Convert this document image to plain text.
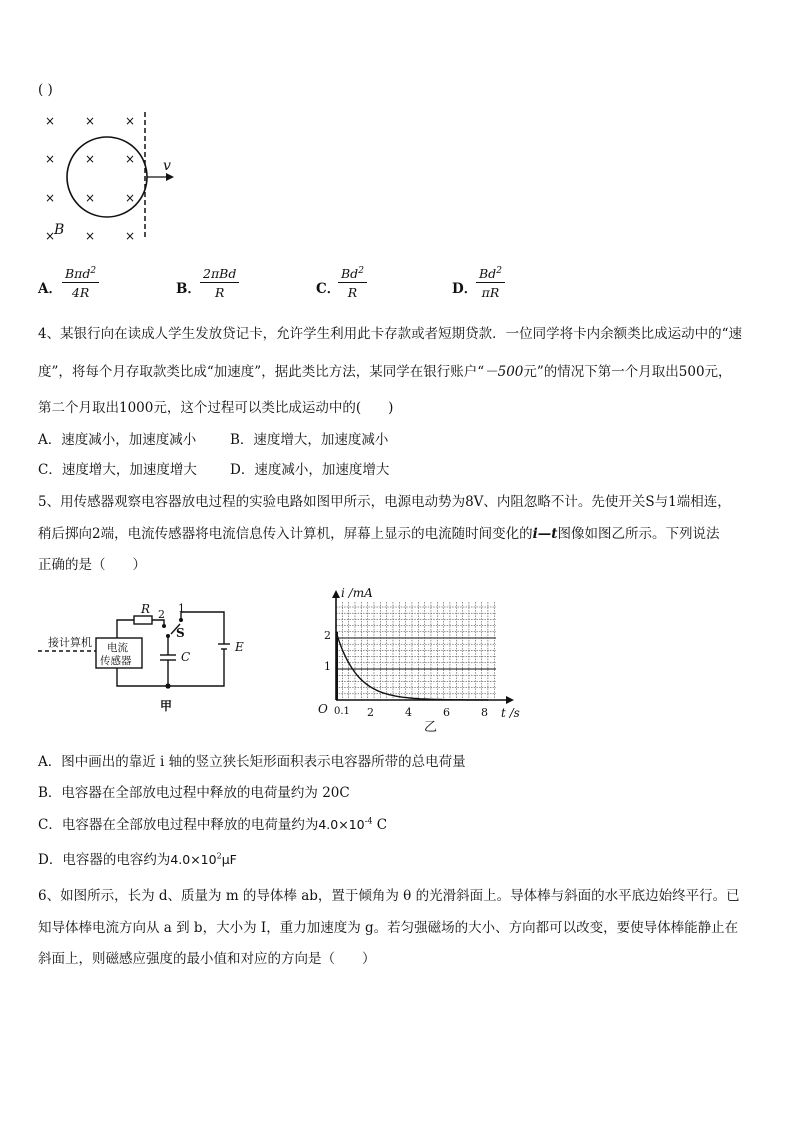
( )
× × ×
× × ×
× × ×
× × ×
B
v
A．
Bπd$^2$
4R	B．
2πBd
R	C．
$\frac{Bd^2}{R}$	D．
$\frac{Bd^2}{\pi R}$
4、某银行向在读成人学生发放贷记卡，允许学生利用此卡存款或者短期贷款．一位同学将卡内余额类比成运动中的“速
度”，将每个月存取款类比成“加速度”，据此类比方法，某同学在银行账户“－500元”的情况下第一个月取出500元，
第二个月取出1000元，这个过程可以类比成运动中的(　　)
A．速度减小，加速度减小	B．速度增大，加速度减小
C．速度增大，加速度增大 D．速度减小，加速度增大
5、用传感器观察电容器放电过程的实验电路如图甲所示，电源电动势为8V、内阻忽略不计。先使开关S与1端相连，
稍后掷向2端，电流传感器将电流信息传入计算机，屏幕上显示的电流随时间变化的i—t图像如图乙所示。下列说法
正确的是（　　）
接计算机 电流
传感器
R 2 1
S
C
E
甲
i /mA
t /s
O 0.1 2	4	6	8
1
2
乙
A．图中画出的靠近 i 轴的竖立狭长矩形面积表示电容器所带的总电荷量
B．电容器在全部放电过程中释放的电荷量约为 20C
C．电容器在全部放电过程中释放的电荷量约为$4.0\times 10^{-4}$ C
D．电容器的电容约为$4.0\times 10^2\mu F$
6、如图所示，长为 d、质量为 m 的导体棒 ab，置于倾角为 θ 的光滑斜面上。导体棒与斜面的水平底边始终平行。已
知导体棒电流方向从 a 到 b，大小为 I，重力加速度为 g。若匀强磁场的大小、方向都可以改变，要使导体棒能静止在
斜面上，则磁感应强度的最小值和对应的方向是（　　）
